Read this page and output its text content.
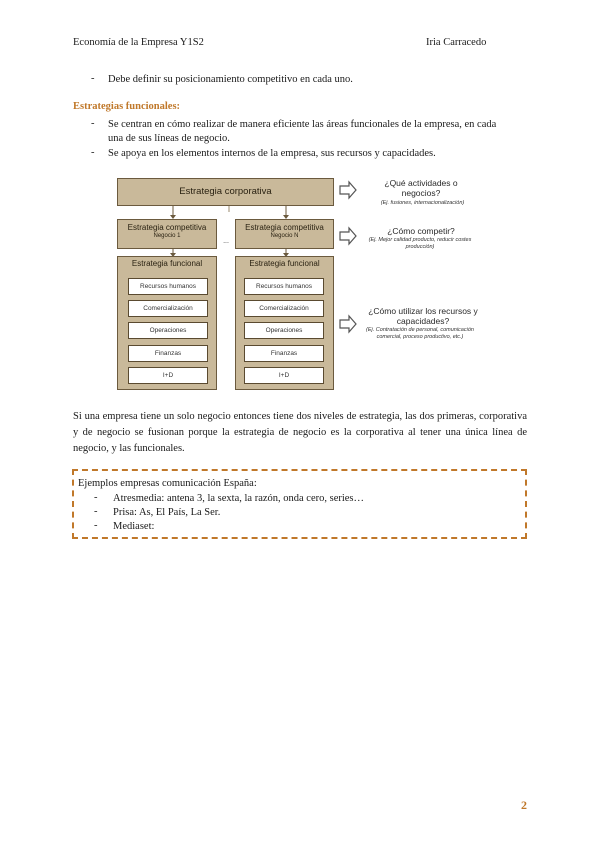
Economía de la Empresa Y1S2	Iria Carracedo
- Debe definir su posicionamiento competitivo en cada uno.
Estrategias funcionales:
- Se centran en cómo realizar de manera eficiente las áreas funcionales de la empresa, en cada
una de sus líneas de negocio.
- Se apoya en los elementos internos de la empresa, sus recursos y capacidades.
Estrategia corporativa
Estrategia competitiva
Negocio 1
...
Estrategia competitiva
Negocio N
Estrategia funcional
Recursos humanos
Comercialización
Operaciones
Finanzas
I+D
Estrategia funcional
Recursos humanos
Comercialización
Operaciones
Finanzas
I+D
¿Qué actividades o negocios?
(Ej. fusiones, internacionalización)
¿Cómo competir?
(Ej. Mejor calidad producto, reducir costes producción)
¿Cómo utilizar los recursos y capacidades?
(Ej. Contratación de personal, comunicación comercial, proceso productivo, etc.)
Si una empresa tiene un solo negocio entonces tiene dos niveles de estrategia, las dos primeras, corporativa y de negocio se fusionan porque la estrategia de negocio es la corporativa al tener una única línea de negocio, y las funcionales.
Ejemplos empresas comunicación España:
- Atresmedia: antena 3, la sexta, la razón, onda cero, series…
- Prisa: As, El País, La Ser.
- Mediaset:
2
